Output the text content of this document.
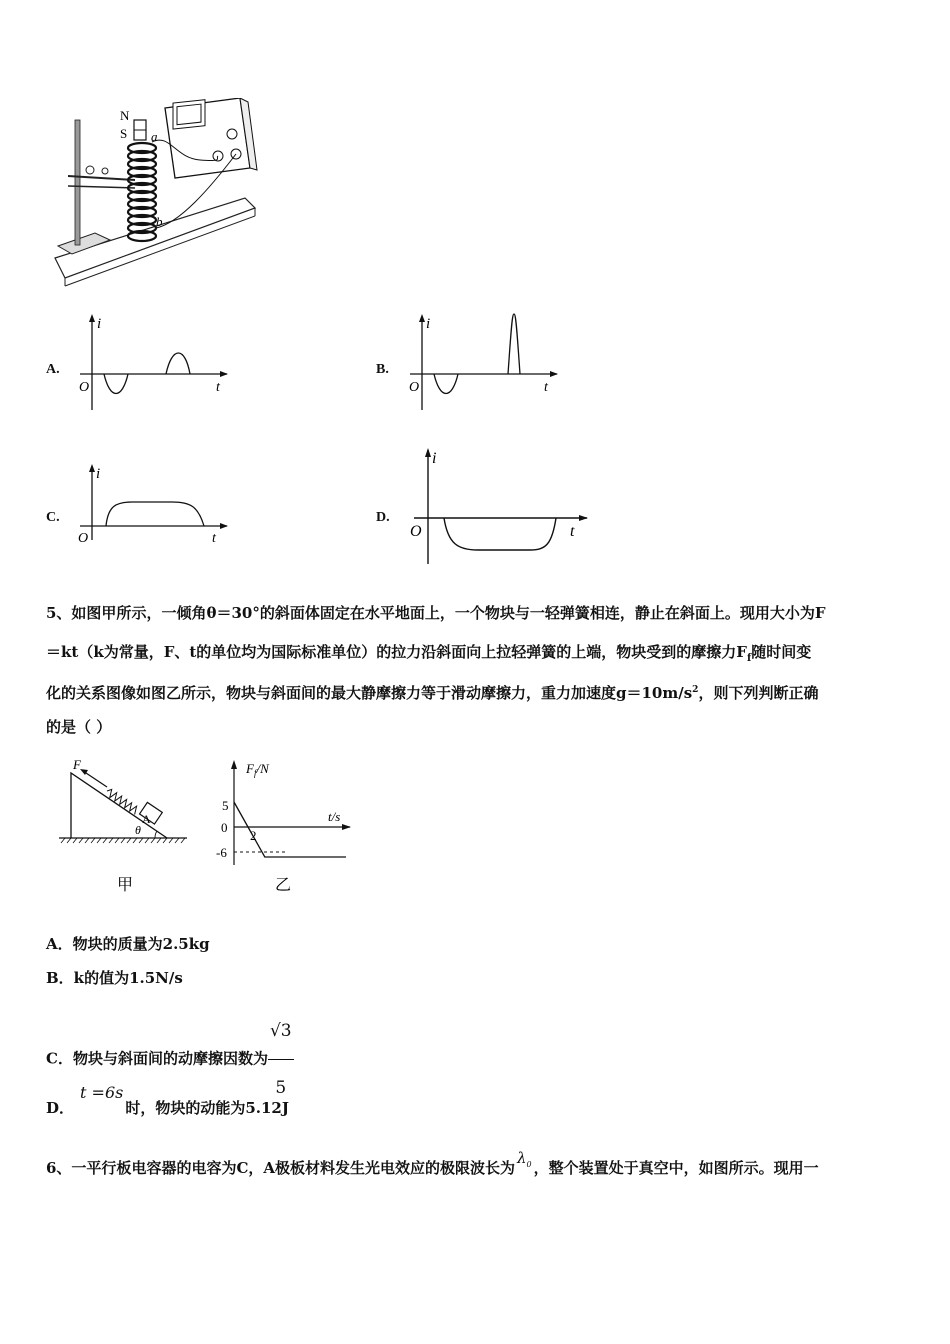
N
S a
b
A.
i
O	t
B.
i
O	t
C.
i
O	t
D.
i
O	t
5、如图甲所示，一倾角θ＝30°的斜面体固定在水平地面上，一个物块与一轻弹簧相连，静止在斜面上。现用大小为F
＝kt（k为常量，F、t的单位均为国际标准单位）的拉力沿斜面向上拉轻弹簧的上端，物块受到的摩擦力$F_f$随时间变
化的关系图像如图乙所示，物块与斜面间的最大静摩擦力等于滑动摩擦力，重力加速度$g=10m/s^2$，则下列判断正确
的是（ ）
F
A
θ
甲
$F_f/N$
t/s
5
0
-6
2
乙
A．物块的质量为2.5kg
B．k的值为1.5N/s
C．物块与斜面间的动摩擦因数为 $\frac{√3}{5}$
D．t =6s时，物块的动能为5.12J
6、一平行板电容器的电容为C，A极板材料发生光电效应的极限波长为$\lambda_0$ ，整个装置处于真空中，如图所示。现用一
